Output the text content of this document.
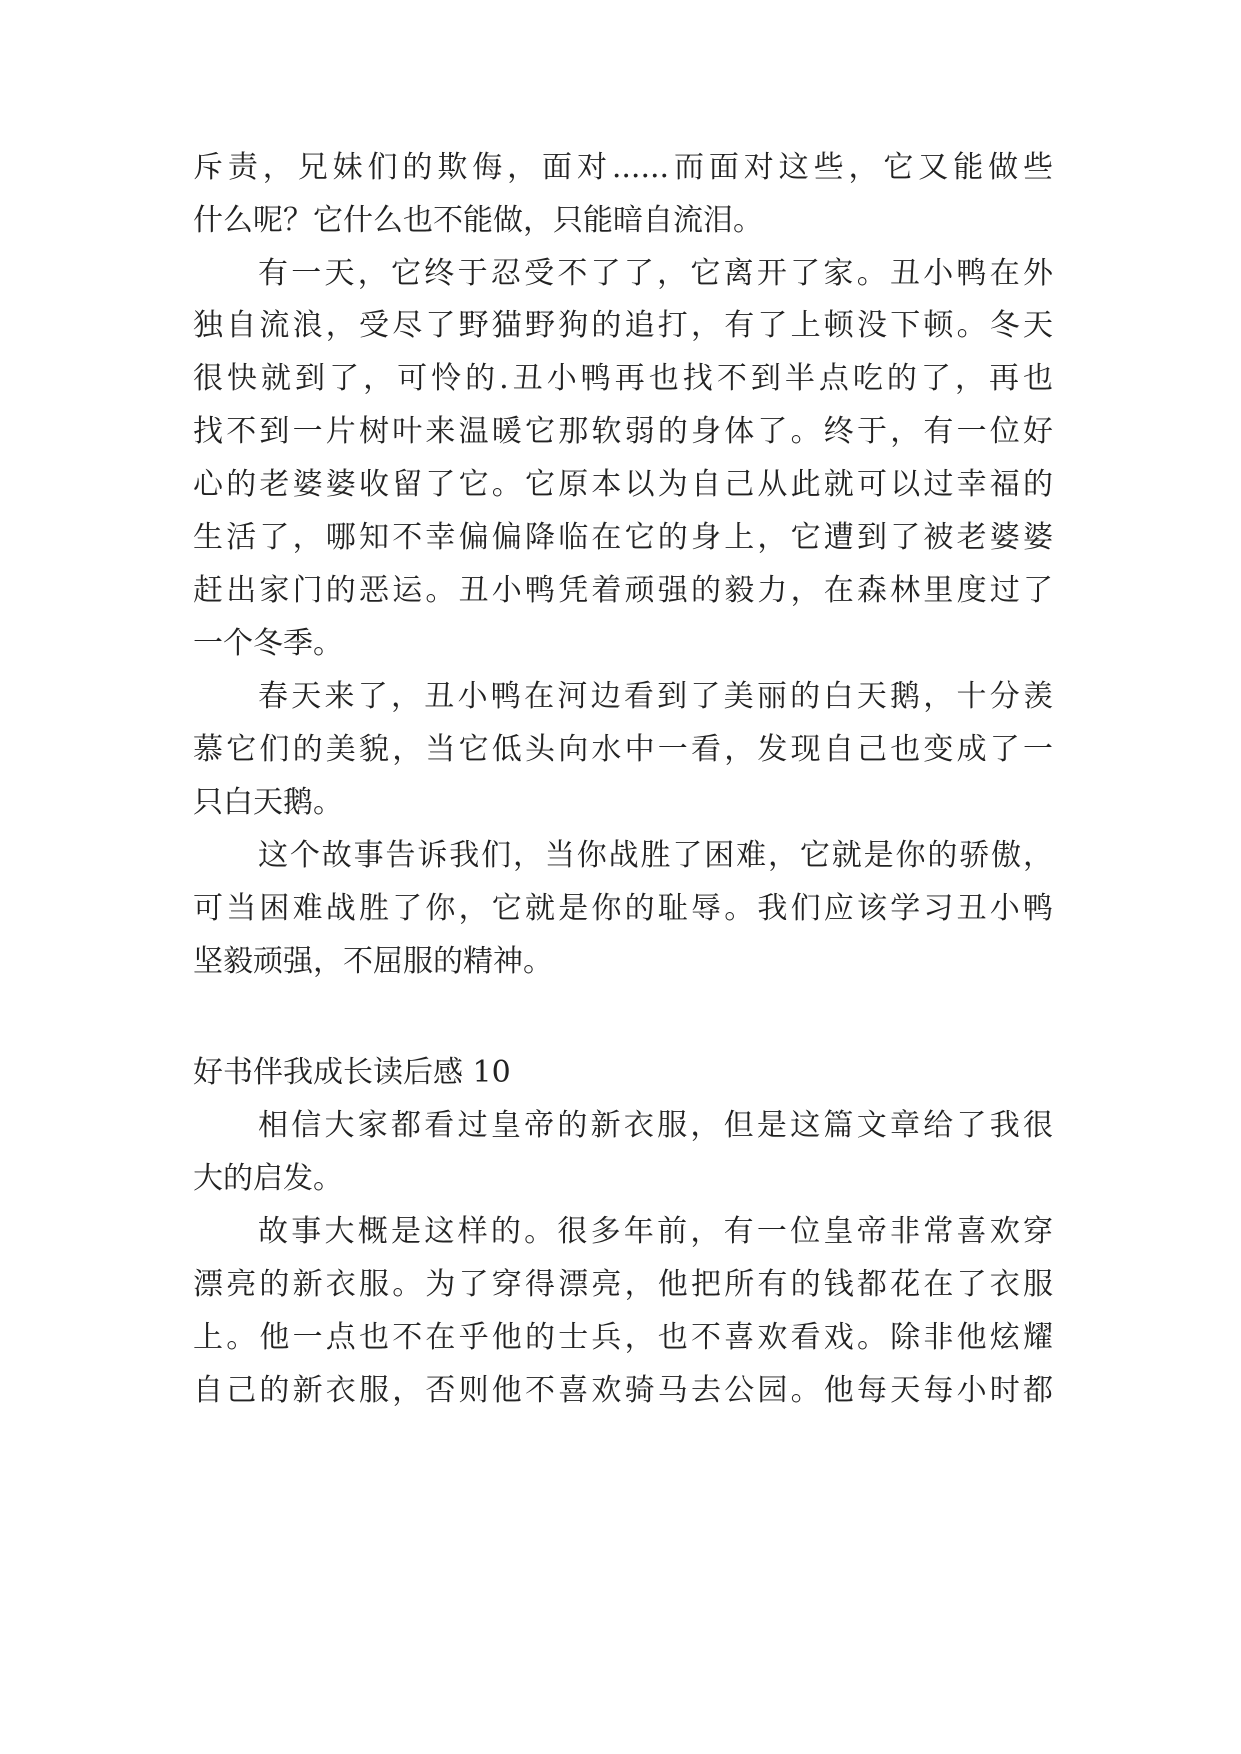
斥责，兄妹们的欺侮，面对......而面对这些，它又能做些
什么呢？它什么也不能做，只能暗自流泪。
有一天，它终于忍受不了了，它离开了家。丑小鸭在外
独自流浪，受尽了野猫野狗的追打，有了上顿没下顿。冬天
很快就到了，可怜的.丑小鸭再也找不到半点吃的了，再也
找不到一片树叶来温暖它那软弱的身体了。终于，有一位好
心的老婆婆收留了它。它原本以为自己从此就可以过幸福的
生活了，哪知不幸偏偏降临在它的身上，它遭到了被老婆婆
赶出家门的恶运。丑小鸭凭着顽强的毅力，在森林里度过了
一个冬季。
春天来了，丑小鸭在河边看到了美丽的白天鹅，十分羡
慕它们的美貌，当它低头向水中一看，发现自己也变成了一
只白天鹅。
这个故事告诉我们，当你战胜了困难，它就是你的骄傲，
可当困难战胜了你，它就是你的耻辱。我们应该学习丑小鸭
坚毅顽强，不屈服的精神。
好书伴我成长读后感 10
相信大家都看过皇帝的新衣服，但是这篇文章给了我很
大的启发。
故事大概是这样的。很多年前，有一位皇帝非常喜欢穿
漂亮的新衣服。为了穿得漂亮，他把所有的钱都花在了衣服
上。他一点也不在乎他的士兵，也不喜欢看戏。除非他炫耀
自己的新衣服，否则他不喜欢骑马去公园。他每天每小时都
